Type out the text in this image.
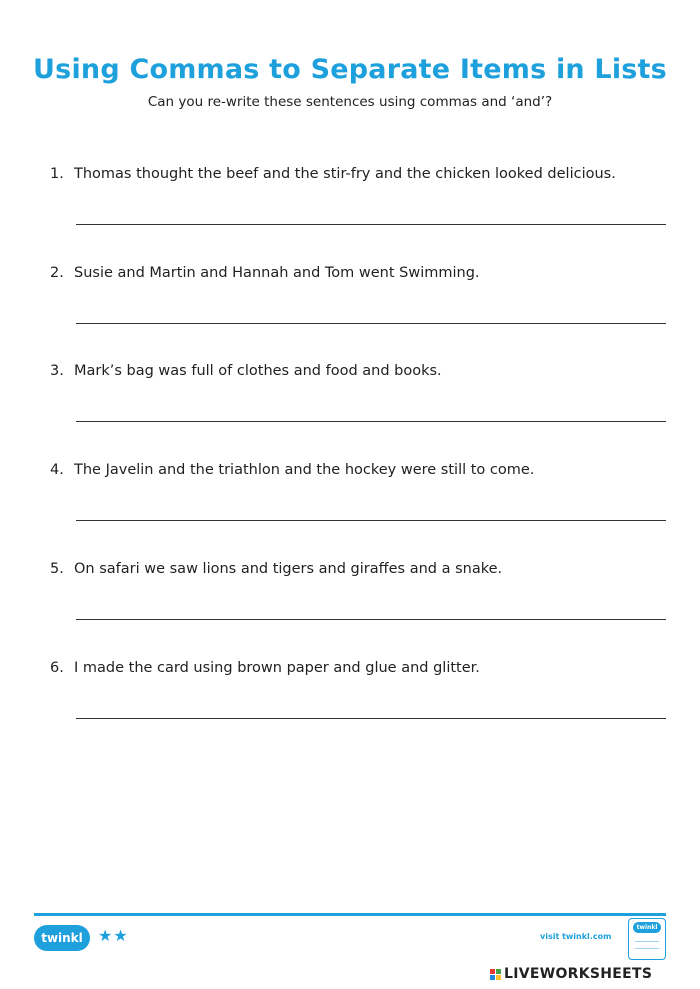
Using Commas to Separate Items in Lists
Can you re-write these sentences using commas and ‘and’?
1. Thomas thought the beef and the stir-fry and the chicken looked delicious.
2. Susie and Martin and Hannah and Tom went Swimming.
3. Mark’s bag was full of clothes and food and books.
4. The Javelin and the triathlon and the hockey were still to come.
5. On safari we saw lions and tigers and giraffes and a snake.
6. I made the card using brown paper and glue and glitter.
twinkl ★★	visit twinkl.com
twinkl
LIVEWORKSHEETS
